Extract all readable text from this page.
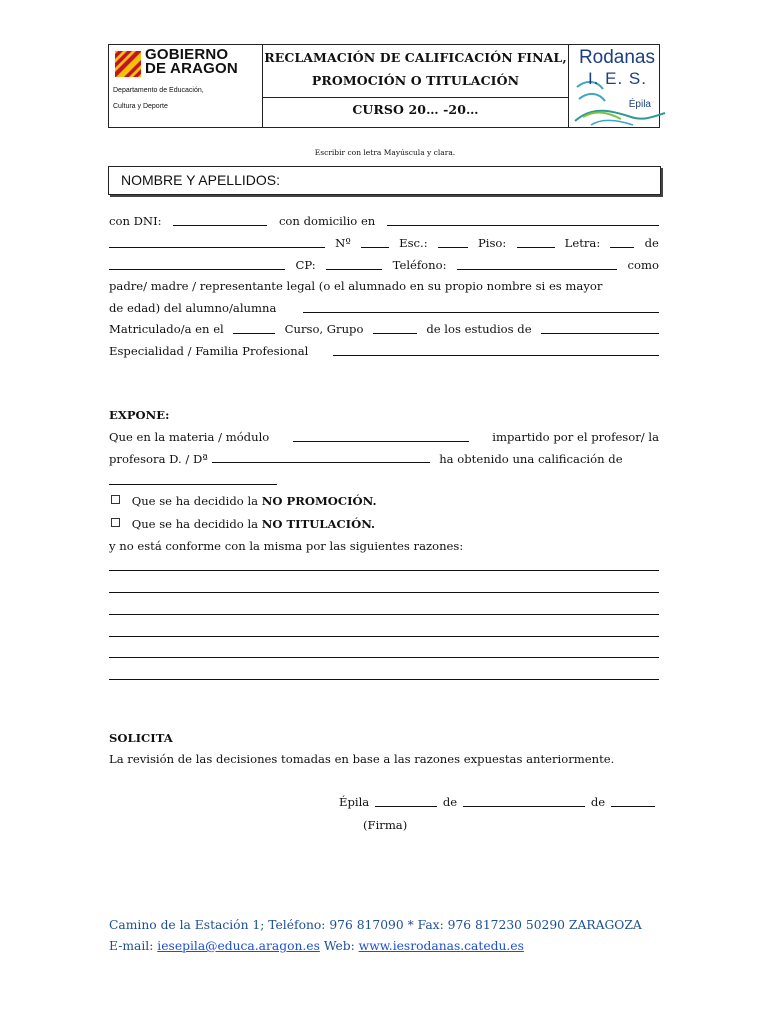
GOBIERNO
DE ARAGON
Departamento de Educación,
Cultura y Deporte
RECLAMACIÓN DE CALIFICACIÓN FINAL,
PROMOCIÓN O TITULACIÓN
CURSO 20… -20…
Rodanas
I. E. S.
Épila
Escribir con letra Mayúscula y clara.
NOMBRE Y APELLIDOS:
con DNI:	con domicilio en
Nº	Esc.:	Piso:	Letra:	de
CP:	Teléfono:	como
padre/ madre / representante legal (o el alumnado en su propio nombre si es mayor
de edad) del alumno/alumna
Matriculado/a en el	Curso, Grupo	de los estudios de
Especialidad / Familia Profesional
EXPONE:
Que en la materia / módulo	impartido por el profesor/ la
profesora D. / Dª	ha obtenido una calificación de
Que se ha decidido la NO PROMOCIÓN.
Que se ha decidido la NO TITULACIÓN.
y no está conforme con la misma por las siguientes razones:
SOLICITA
La revisión de las decisiones tomadas en base a las razones expuestas anteriormente.
Épila	de	de
(Firma)
Camino de la Estación 1; Teléfono: 976 817090 * Fax: 976 817230 50290 ZARAGOZA
E-mail: iesepila@educa.aragon.es Web: www.iesrodanas.catedu.es
